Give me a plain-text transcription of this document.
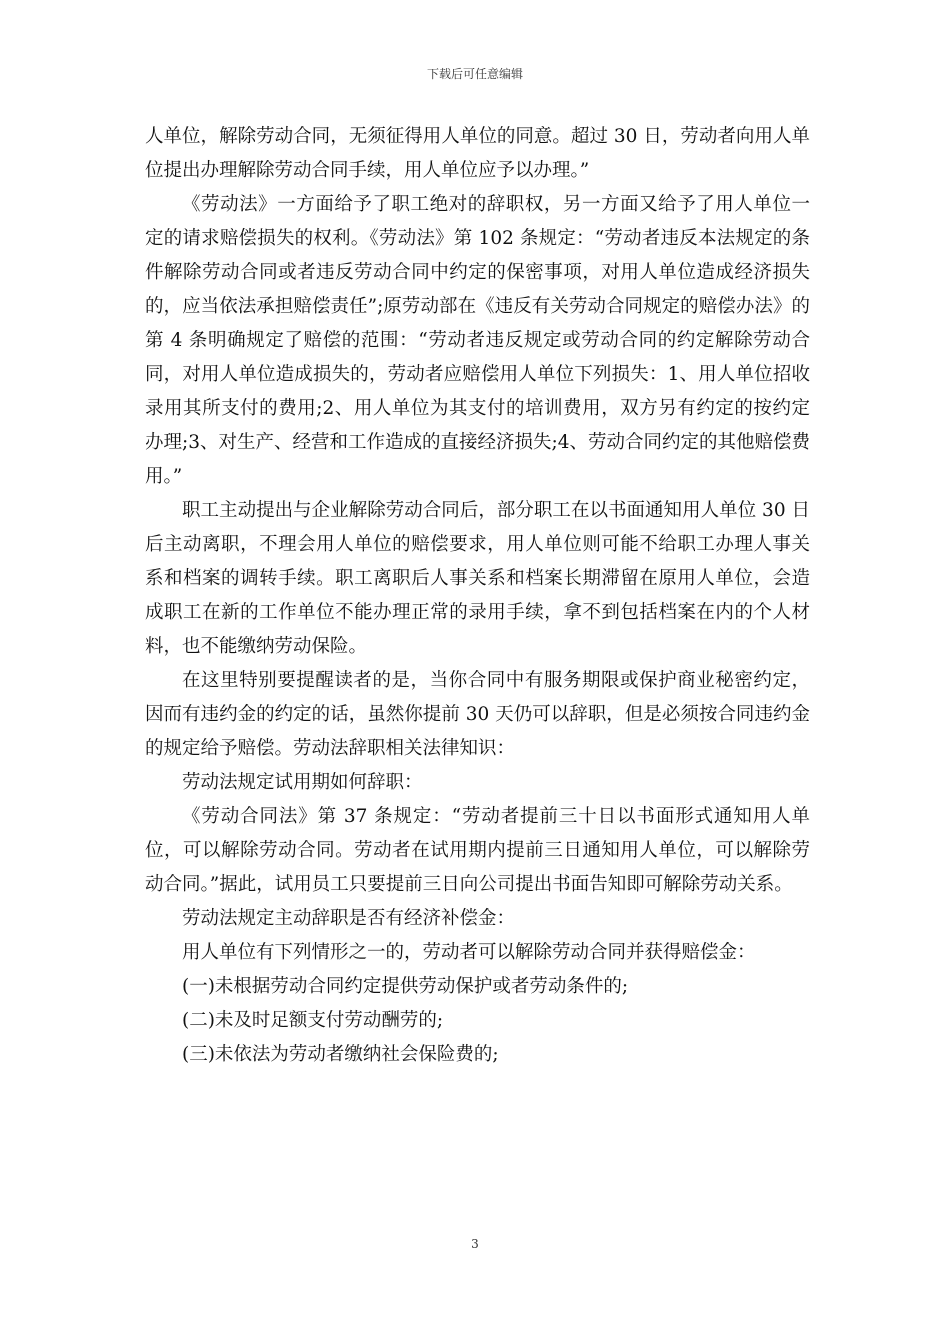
下载后可任意编辑

人单位，解除劳动合同，无须征得用人单位的同意。超过 30 日，劳动者向用人单位提出办理解除劳动合同手续，用人单位应予以办理。”

《劳动法》一方面给予了职工绝对的辞职权，另一方面又给予了用人单位一定的请求赔偿损失的权利。《劳动法》第 102 条规定：“劳动者违反本法规定的条件解除劳动合同或者违反劳动合同中约定的保密事项，对用人单位造成经济损失的，应当依法承担赔偿责任”;原劳动部在《违反有关劳动合同规定的赔偿办法》的第 4 条明确规定了赔偿的范围：“劳动者违反规定或劳动合同的约定解除劳动合同，对用人单位造成损失的，劳动者应赔偿用人单位下列损失：1、用人单位招收录用其所支付的费用;2、用人单位为其支付的培训费用，双方另有约定的按约定办理;3、对生产、经营和工作造成的直接经济损失;4、劳动合同约定的其他赔偿费用。”

职工主动提出与企业解除劳动合同后，部分职工在以书面通知用人单位 30 日后主动离职，不理会用人单位的赔偿要求，用人单位则可能不给职工办理人事关系和档案的调转手续。职工离职后人事关系和档案长期滞留在原用人单位，会造成职工在新的工作单位不能办理正常的录用手续，拿不到包括档案在内的个人材料，也不能缴纳劳动保险。

在这里特别要提醒读者的是，当你合同中有服务期限或保护商业秘密约定，因而有违约金的约定的话，虽然你提前 30 天仍可以辞职，但是必须按合同违约金的规定给予赔偿。劳动法辞职相关法律知识：

劳动法规定试用期如何辞职：

《劳动合同法》第 37 条规定：“劳动者提前三十日以书面形式通知用人单位，可以解除劳动合同。劳动者在试用期内提前三日通知用人单位，可以解除劳动合同。”据此，试用员工只要提前三日向公司提出书面告知即可解除劳动关系。

劳动法规定主动辞职是否有经济补偿金：

用人单位有下列情形之一的，劳动者可以解除劳动合同并获得赔偿金：

(一)未根据劳动合同约定提供劳动保护或者劳动条件的;

(二)未及时足额支付劳动酬劳的;

(三)未依法为劳动者缴纳社会保险费的;

3
